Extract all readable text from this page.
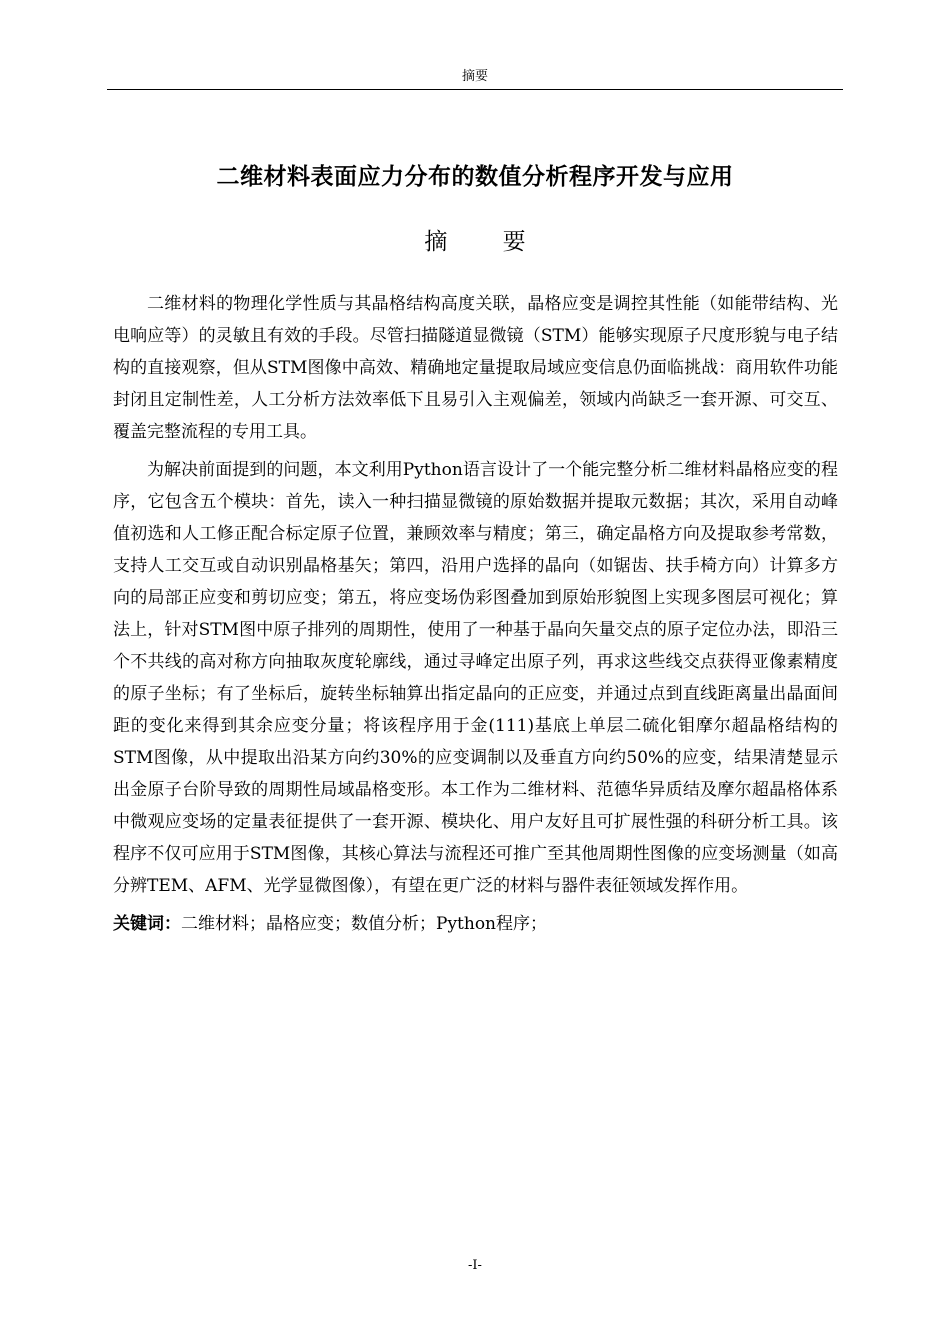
摘要
二维材料表面应力分布的数值分析程序开发与应用
摘 要

二维材料的物理化学性质与其晶格结构高度关联，晶格应变是调控其性能（如能带结构、光电响应等）的灵敏且有效的手段。尽管扫描隧道显微镜（STM）能够实现原子尺度形貌与电子结构的直接观察，但从STM图像中高效、精确地定量提取局域应变信息仍面临挑战：商用软件功能封闭且定制性差，人工分析方法效率低下且易引入主观偏差，领域内尚缺乏一套开源、可交互、覆盖完整流程的专用工具。

为解决前面提到的问题，本文利用Python语言设计了一个能完整分析二维材料晶格应变的程序，它包含五个模块：首先，读入一种扫描显微镜的原始数据并提取元数据；其次，采用自动峰值初选和人工修正配合标定原子位置，兼顾效率与精度；第三，确定晶格方向及提取参考常数，支持人工交互或自动识别晶格基矢；第四，沿用户选择的晶向（如锯齿、扶手椅方向）计算多方向的局部正应变和剪切应变；第五，将应变场伪彩图叠加到原始形貌图上实现多图层可视化；算法上，针对STM图中原子排列的周期性，使用了一种基于晶向矢量交点的原子定位办法，即沿三个不共线的高对称方向抽取灰度轮廓线，通过寻峰定出原子列，再求这些线交点获得亚像素精度的原子坐标；有了坐标后，旋转坐标轴算出指定晶向的正应变，并通过点到直线距离量出晶面间距的变化来得到其余应变分量；将该程序用于金(111)基底上单层二硫化钼摩尔超晶格结构的STM图像，从中提取出沿某方向约30%的应变调制以及垂直方向约50%的应变，结果清楚显示出金原子台阶导致的周期性局域晶格变形。本工作为二维材料、范德华异质结及摩尔超晶格体系中微观应变场的定量表征提供了一套开源、模块化、用户友好且可扩展性强的科研分析工具。该程序不仅可应用于STM图像，其核心算法与流程还可推广至其他周期性图像的应变场测量（如高分辨TEM、AFM、光学显微图像），有望在更广泛的材料与器件表征领域发挥作用。

关键词：二维材料；晶格应变；数值分析；Python程序；

-I-
